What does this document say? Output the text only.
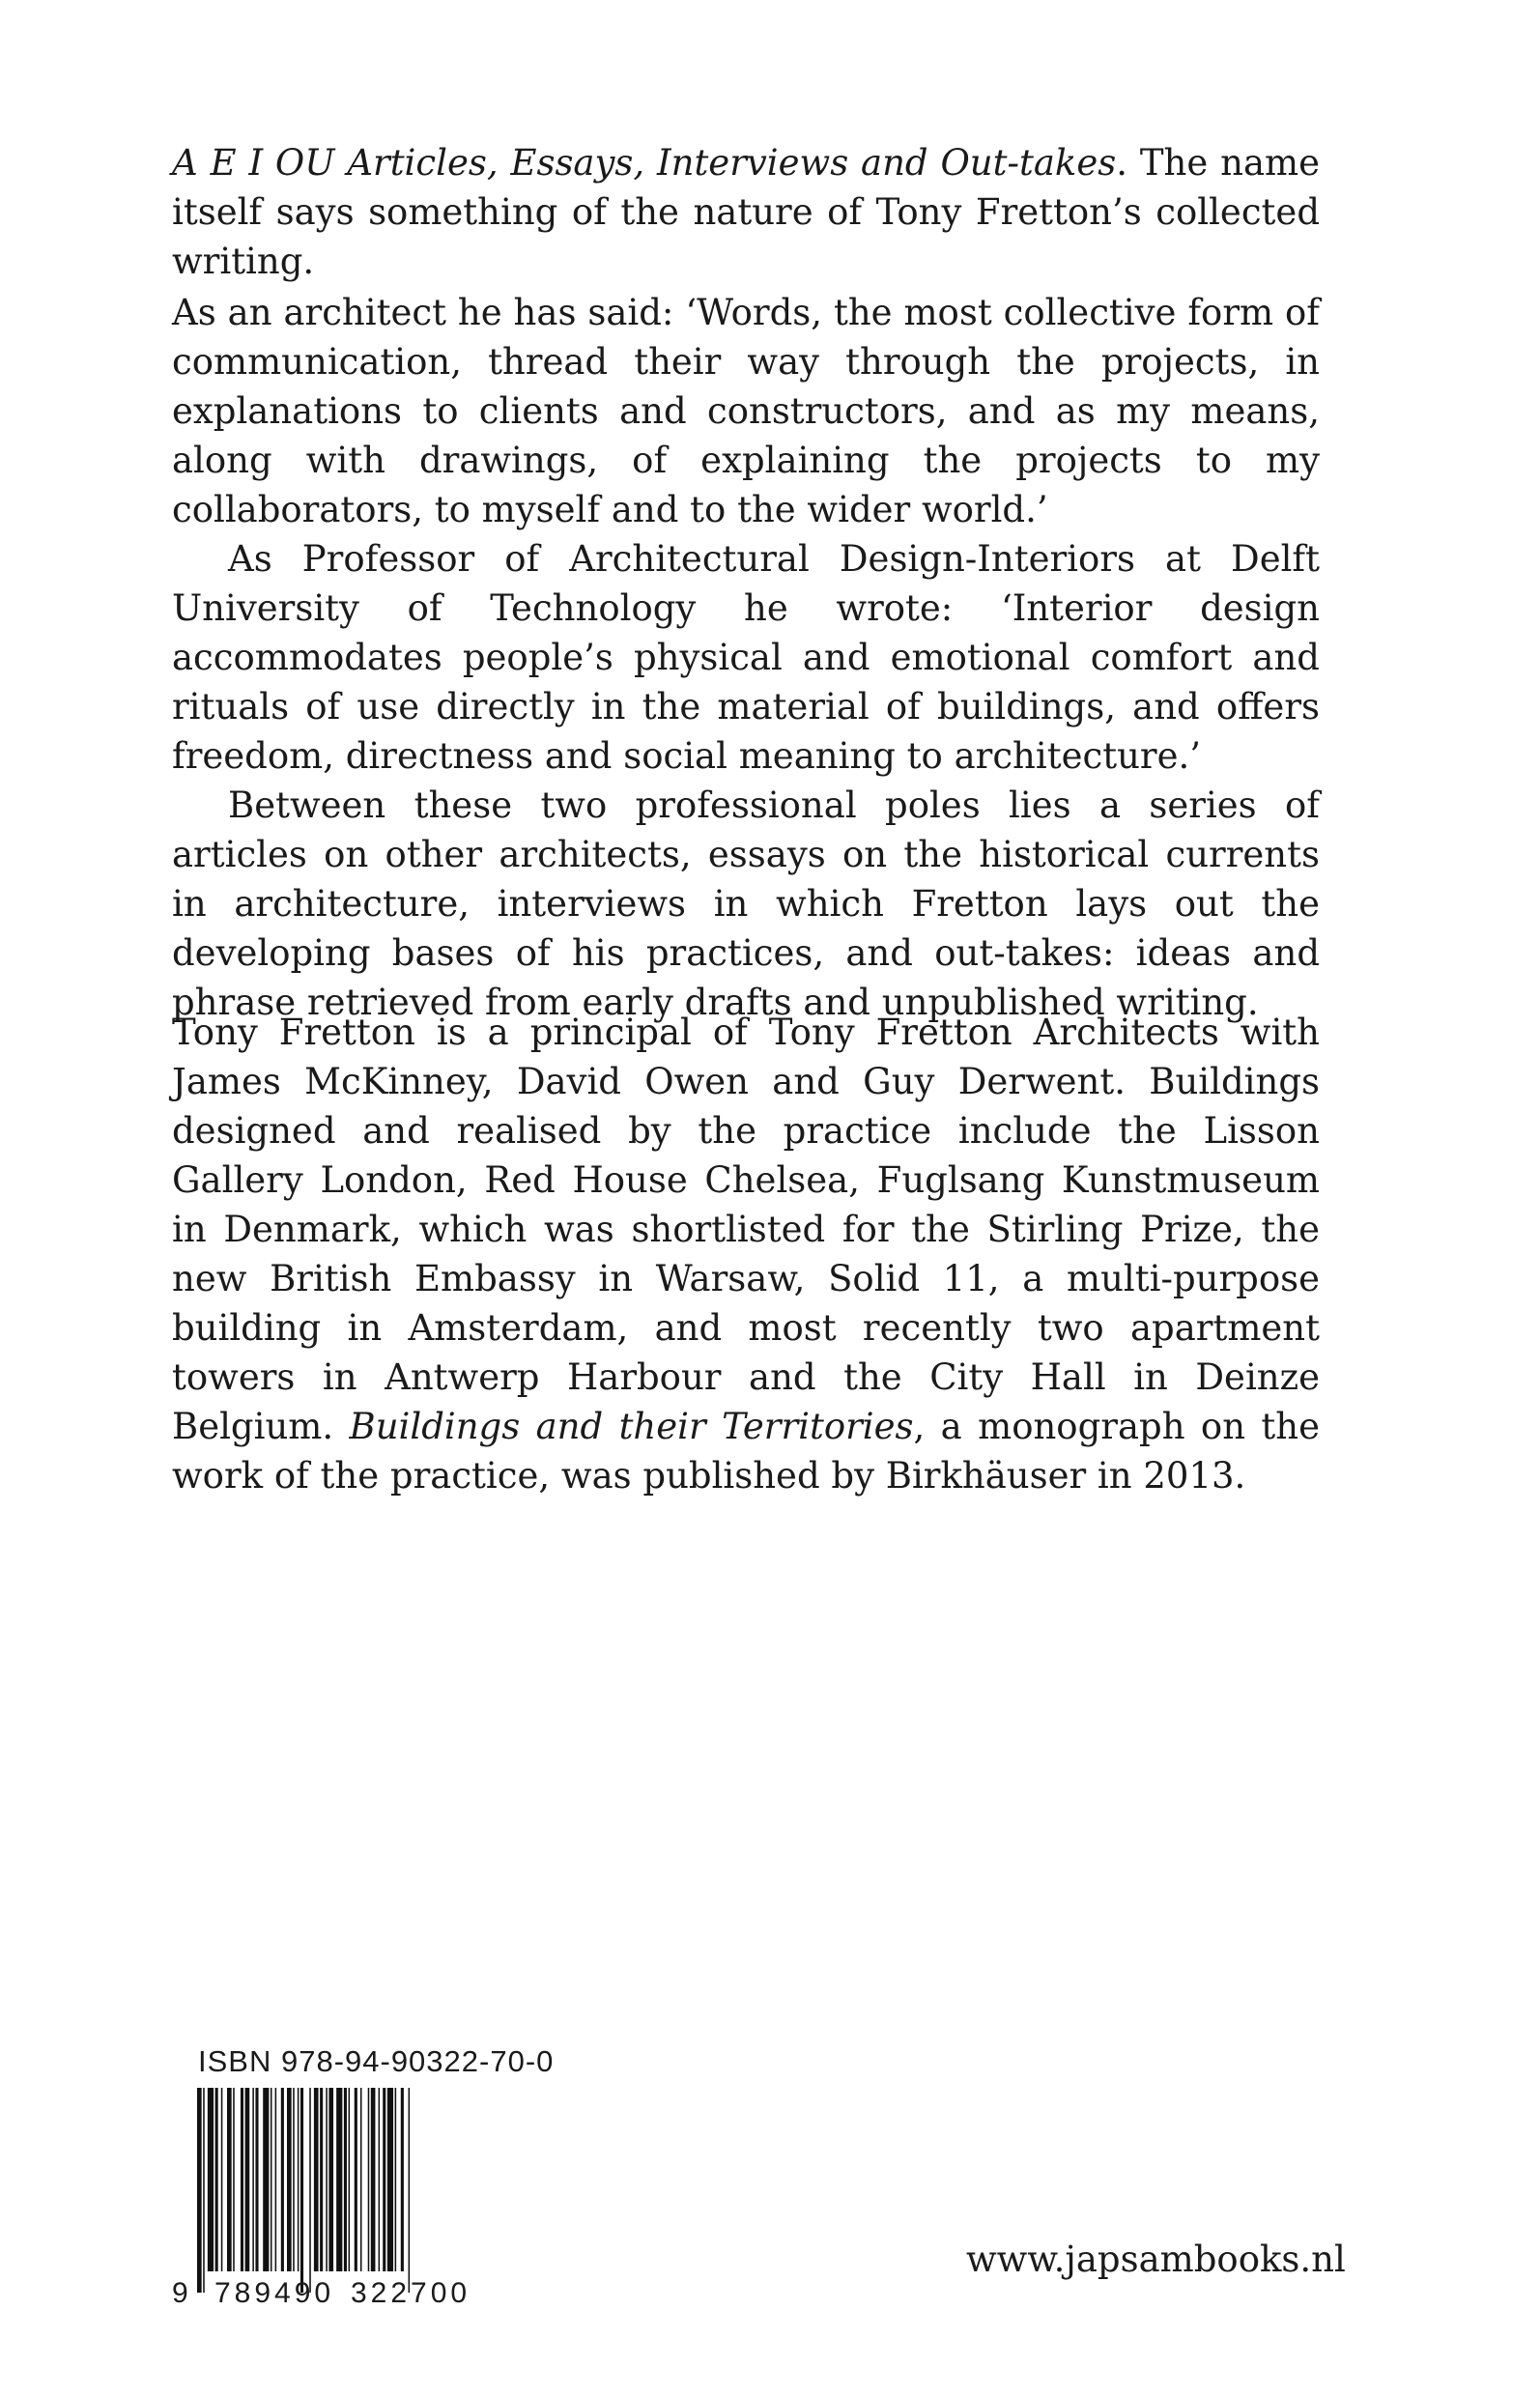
A E I OU Articles, Essays, Interviews and Out-takes. The name itself says something of the nature of Tony Fretton’s collected writing.

As an architect he has said: ‘Words, the most collective form of communication, thread their way through the projects, in explanations to clients and constructors, and as my means, along with drawings, of explaining the projects to my collaborators, to myself and to the wider world.’

As Professor of Architectural Design-Interiors at Delft University of Technology he wrote: ‘Interior design accommodates people’s physical and emotional comfort and rituals of use directly in the material of buildings, and offers freedom, directness and social meaning to architecture.’

Between these two professional poles lies a series of articles on other architects, essays on the historical currents in architecture, interviews in which Fretton lays out the developing bases of his practices, and out-takes: ideas and phrase retrieved from early drafts and unpublished writing.

Tony Fretton is a principal of Tony Fretton Architects with James McKinney, David Owen and Guy Derwent. Buildings designed and realised by the practice include the Lisson Gallery London, Red House Chelsea, Fuglsang Kunstmuseum in Denmark, which was shortlisted for the Stirling Prize, the new British Embassy in Warsaw, Solid 11, a multi-purpose building in Amsterdam, and most recently two apartment towers in Antwerp Harbour and the City Hall in Deinze Belgium. Buildings and their Territories, a monograph on the work of the practice, was published by Birkhäuser in 2013.

ISBN 978-94-90322-70-0
9 789490 322700
www.japsambooks.nl
